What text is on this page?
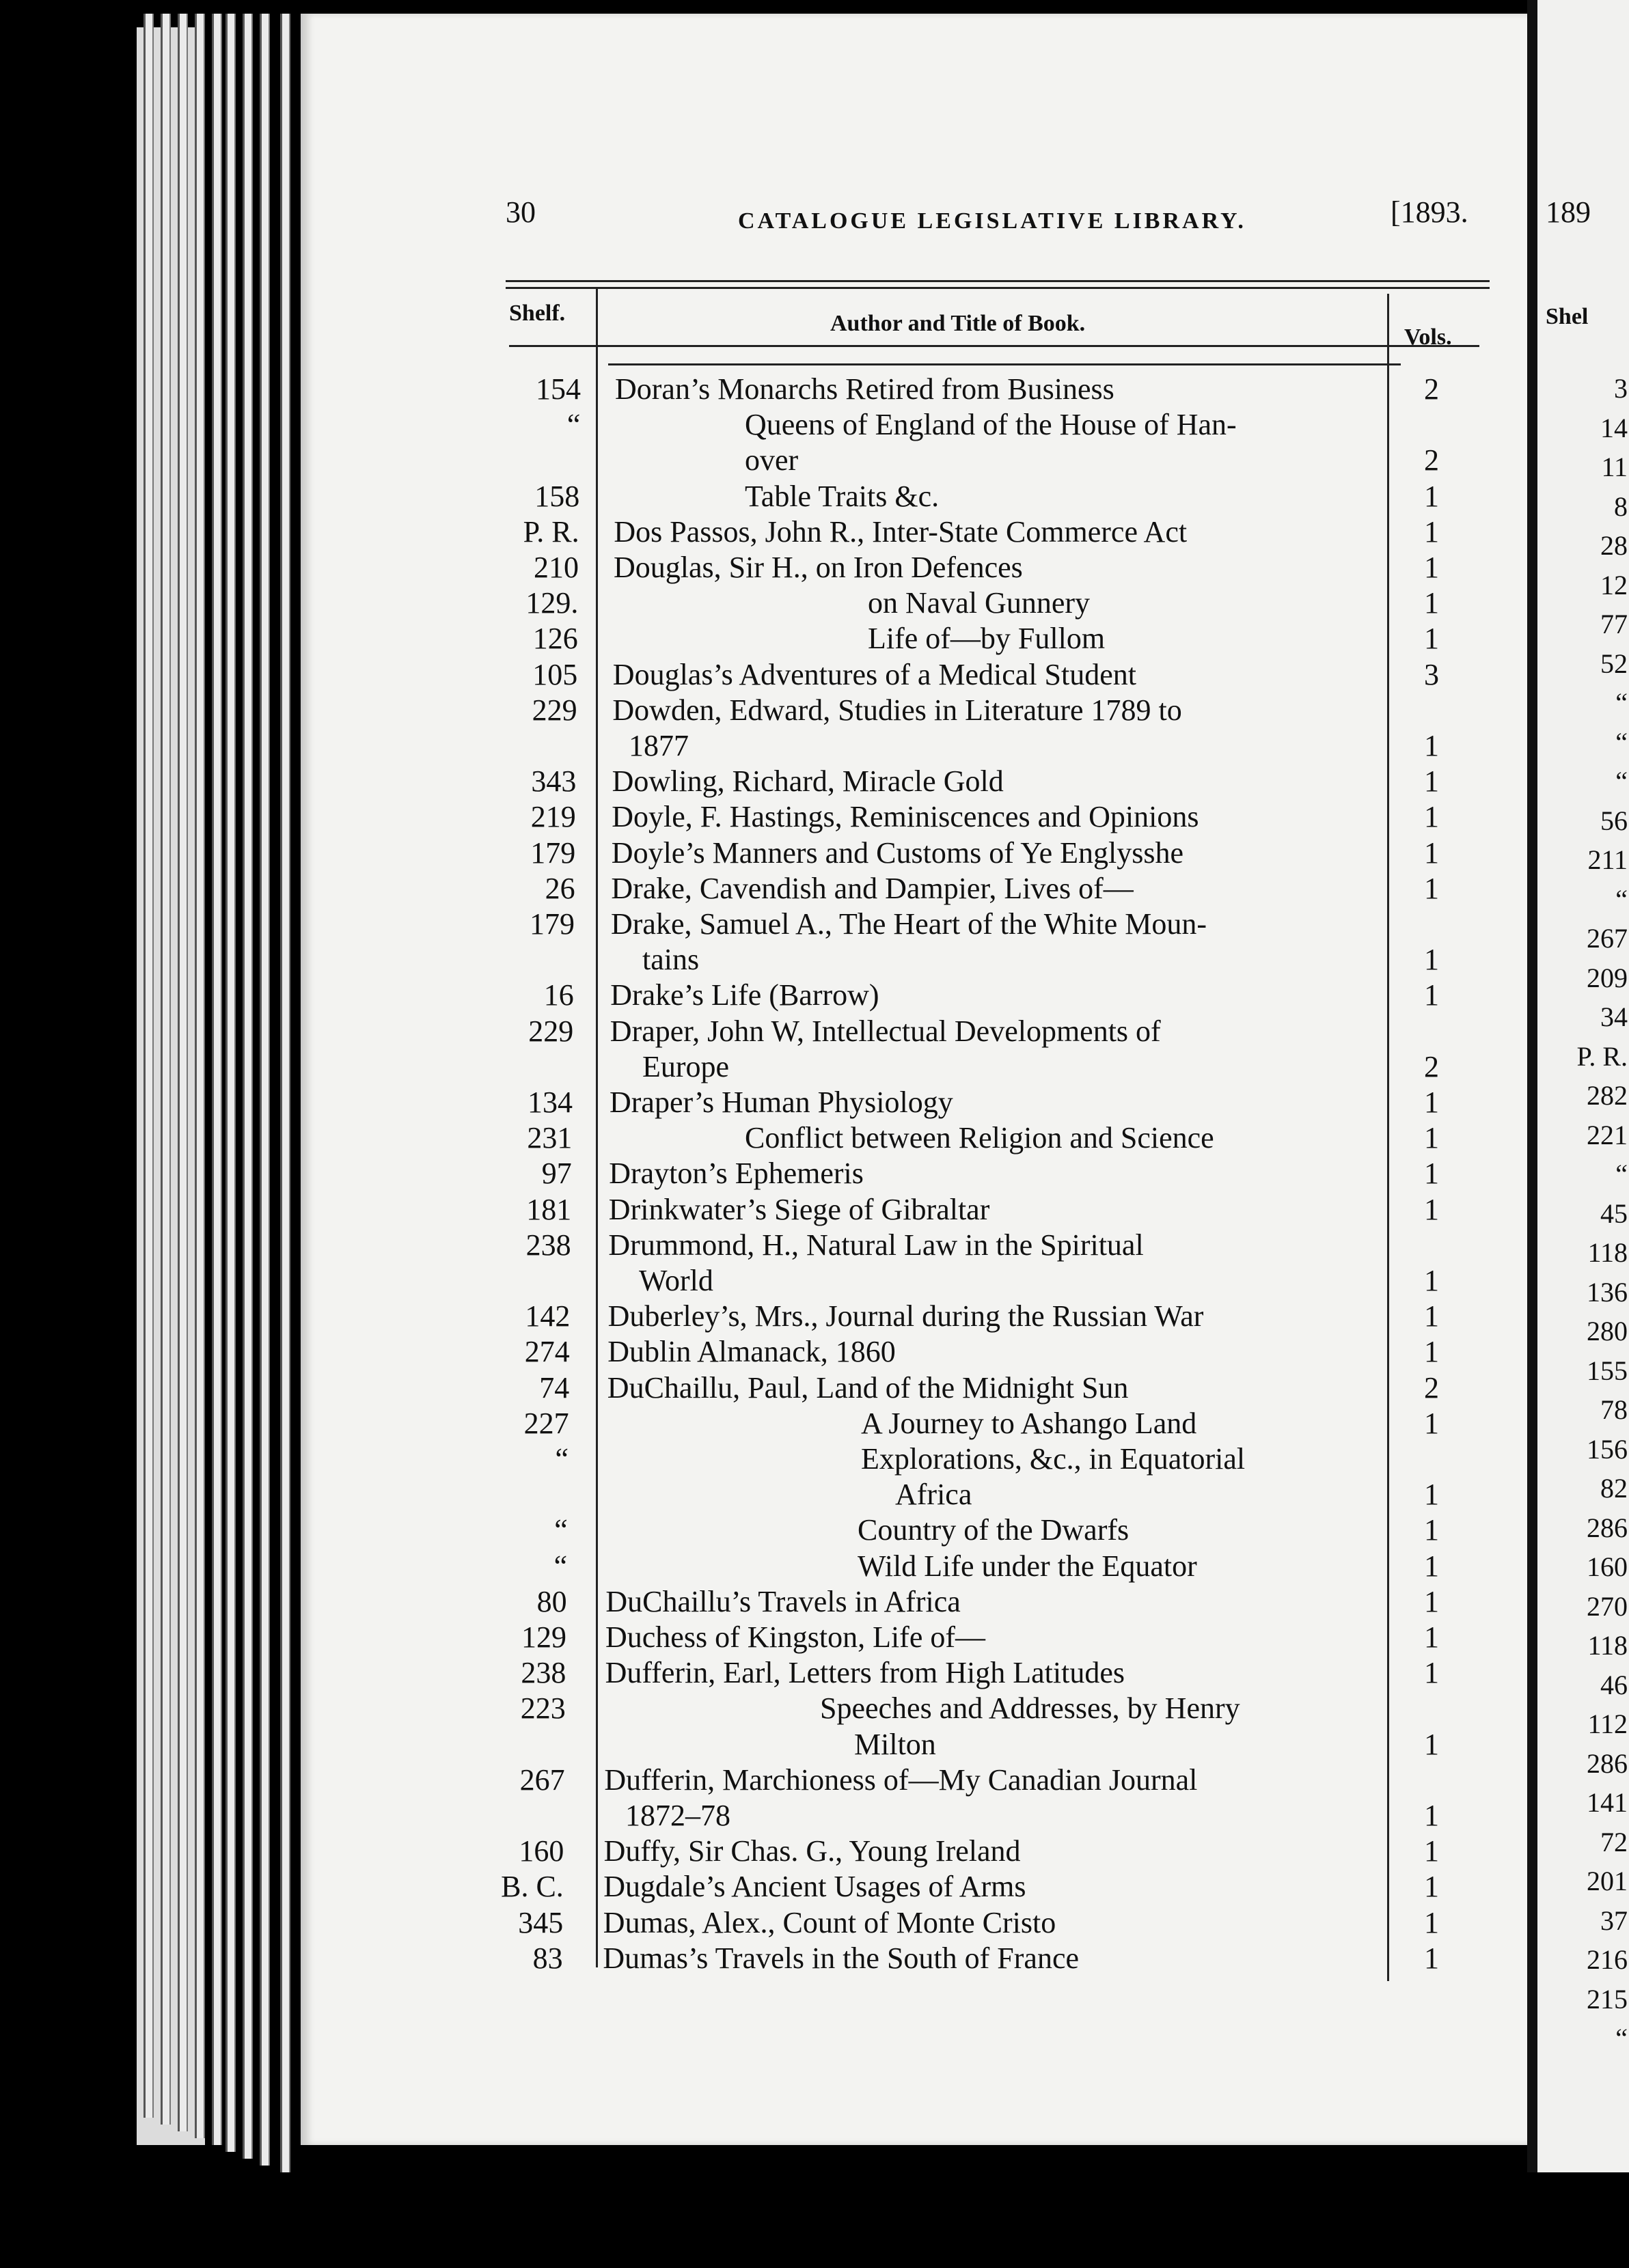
30	CATALOGUE LEGISLATIVE LIBRARY.	[1893.
Shelf.	Author and Title of Book.
Vols.
154 Doran’s Monarchs Retired from Business	2
“	Queens of England of the House of Han-
over	2
158	Table Traits &c.	1
P. R. Dos Passos, John R., Inter-State Commerce Act	1
210 Douglas, Sir H., on Iron Defences	1
129.	on Naval Gunnery	1
126	Life of—by Fullom	1
105 Douglas’s Adventures of a Medical Student	3
229 Dowden, Edward, Studies in Literature 1789 to
1877	1
343 Dowling, Richard, Miracle Gold	1
219 Doyle, F. Hastings, Reminiscences and Opinions	1
179 Doyle’s Manners and Customs of Ye Englysshe	1
26 Drake, Cavendish and Dampier, Lives of—	1
179 Drake, Samuel A., The Heart of the White Moun-
tains	1
16 Drake’s Life (Barrow)	1
229 Draper, John W, Intellectual Developments of
Europe	2
134 Draper’s Human Physiology	1
231	Conflict between Religion and Science	1
97 Drayton’s Ephemeris	1
181 Drinkwater’s Siege of Gibraltar	1
238 Drummond, H., Natural Law in the Spiritual
World	1
142 Duberley’s, Mrs., Journal during the Russian War	1
274 Dublin Almanack, 1860	1
74 DuChaillu, Paul, Land of the Midnight Sun	2
227	A Journey to Ashango Land	1
“	Explorations, &c., in Equatorial
Africa	1
“	Country of the Dwarfs	1
“	Wild Life under the Equator	1
80 DuChaillu’s Travels in Africa	1
129 Duchess of Kingston, Life of—	1
238 Dufferin, Earl, Letters from High Latitudes	1
223	Speeches and Addresses, by Henry
Milton	1
267 Dufferin, Marchioness of—My Canadian Journal
1872–78	1
160 Duffy, Sir Chas. G., Young Ireland	1
B. C. Dugdale’s Ancient Usages of Arms	1
345 Dumas, Alex., Count of Monte Cristo	1
83 Dumas’s Travels in the South of France	1
189
Shel
3
14
11
8
28
12
77
52
“
“
“
56
211
“
267
209
34
P. R.
282
221
“
45
118
136
280
155
78
156
82
286
160
270
118
46
112
286
141
72
201
37
216
215
“
